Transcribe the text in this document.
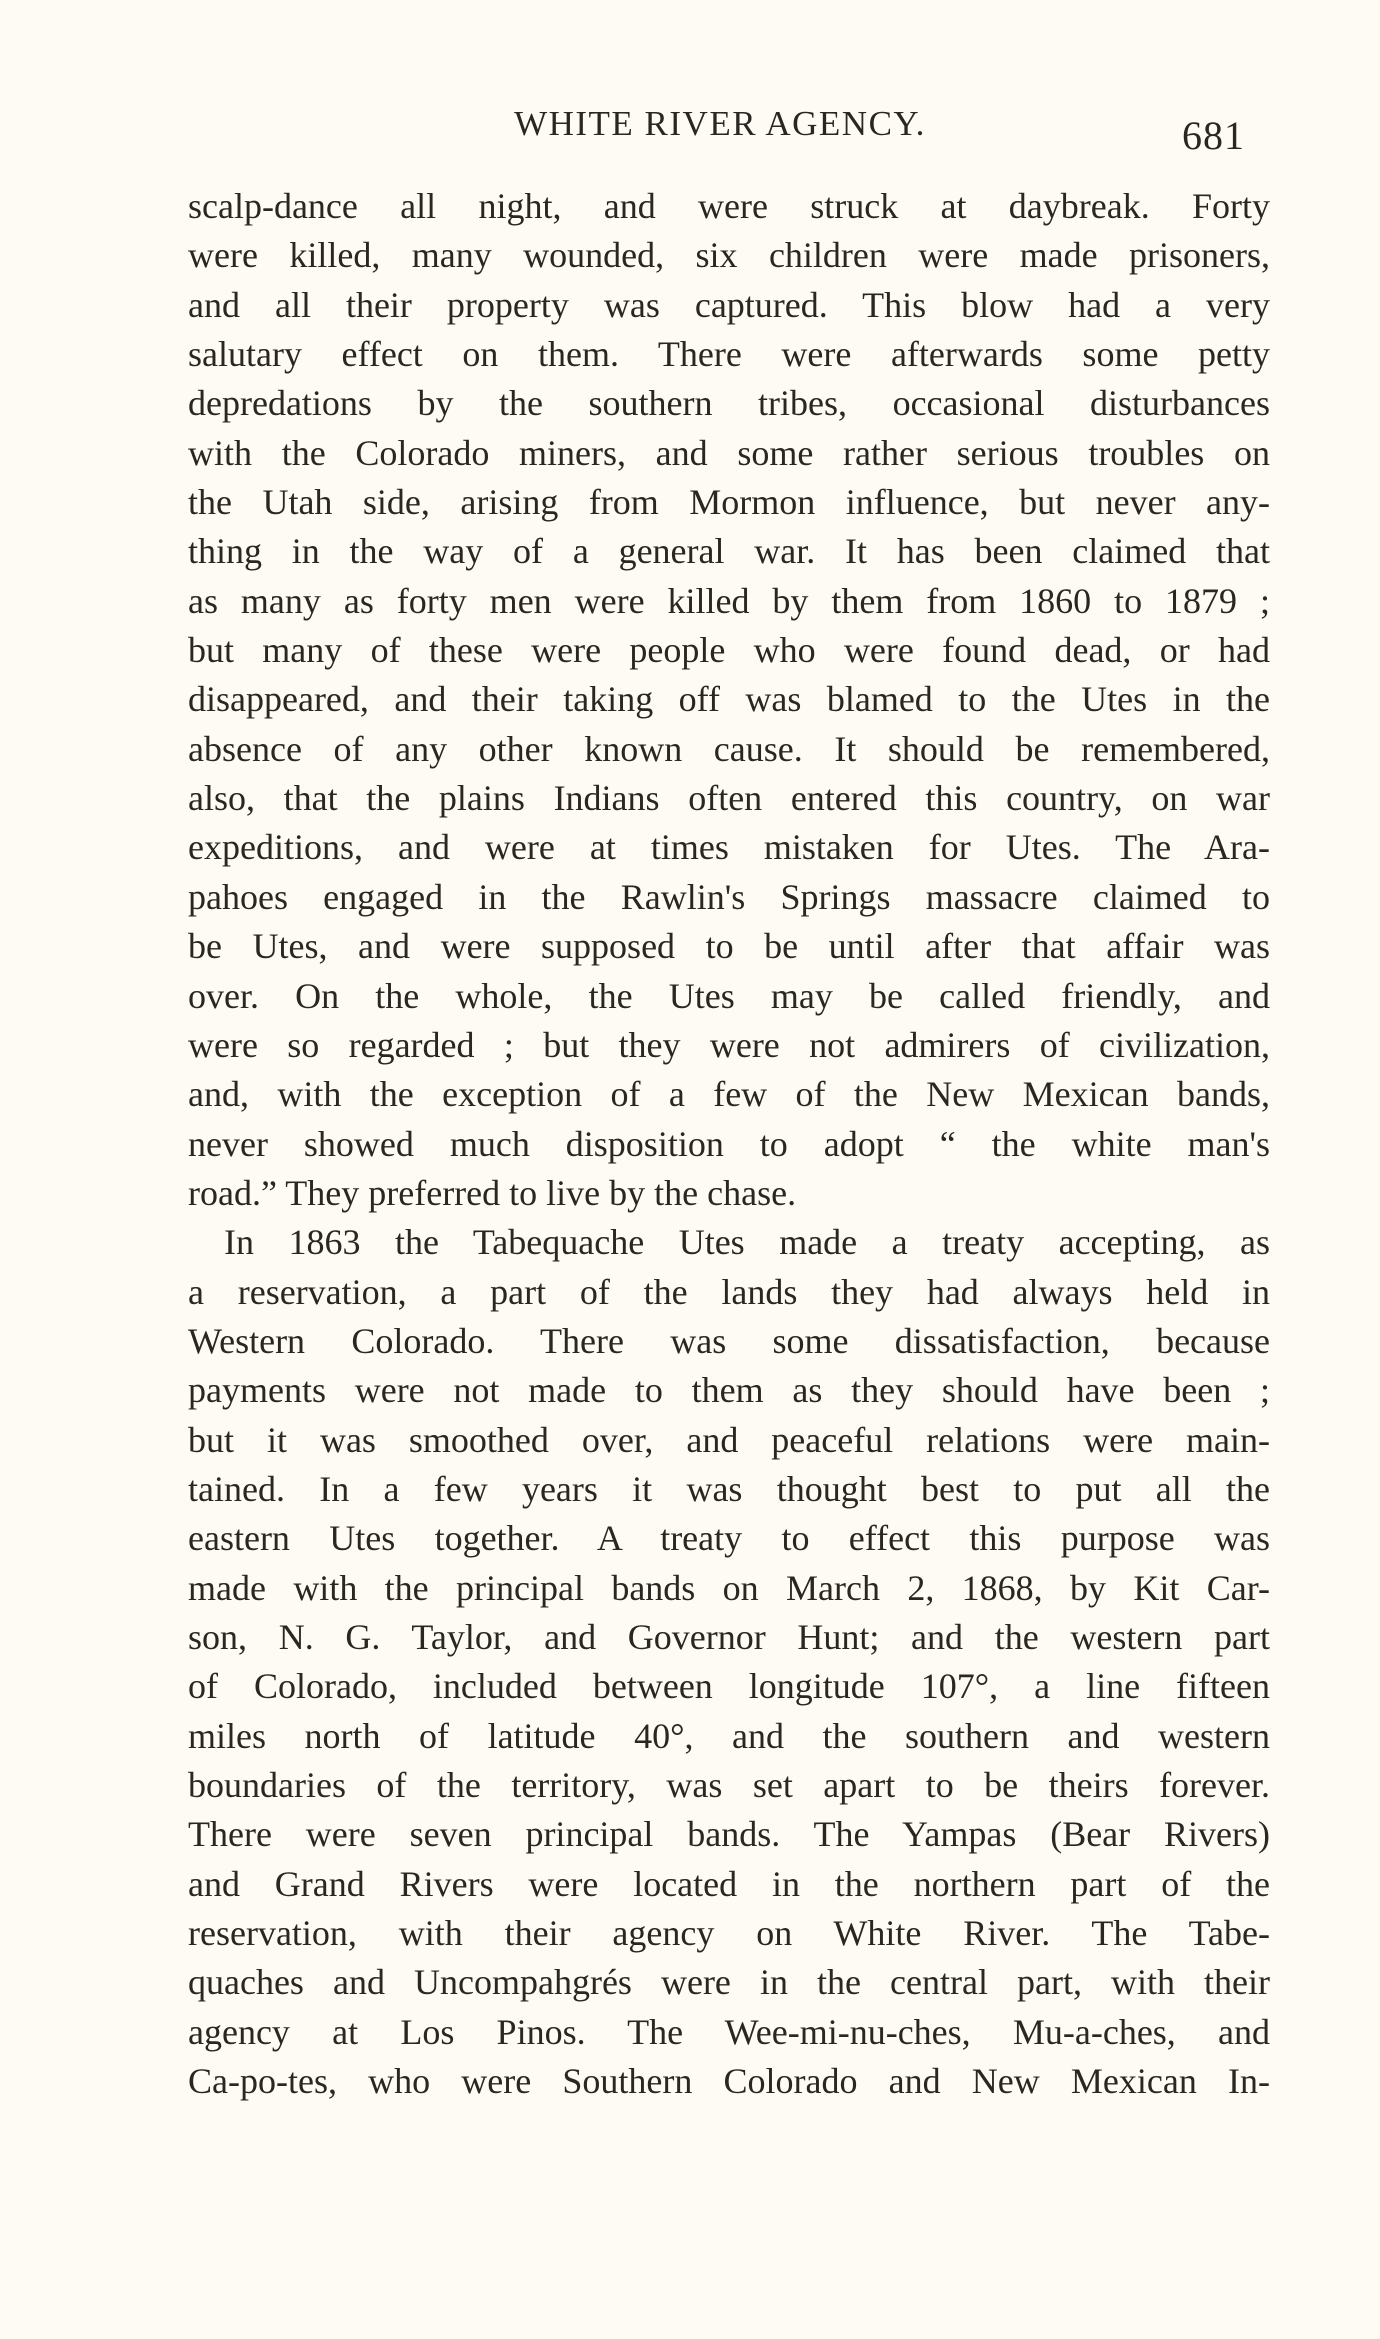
WHITE RIVER AGENCY.	681
scalp-dance all night, and were struck at daybreak. Forty
were killed, many wounded, six children were made prisoners,
and all their property was captured. This blow had a very
salutary effect on them. There were afterwards some petty
depredations by the southern tribes, occasional disturbances
with the Colorado miners, and some rather serious troubles on
the Utah side, arising from Mormon influence, but never any-
thing in the way of a general war. It has been claimed that
as many as forty men were killed by them from 1860 to 1879 ;
but many of these were people who were found dead, or had
disappeared, and their taking off was blamed to the Utes in the
absence of any other known cause. It should be remembered,
also, that the plains Indians often entered this country, on war
expeditions, and were at times mistaken for Utes. The Ara-
pahoes engaged in the Rawlin's Springs massacre claimed to
be Utes, and were supposed to be until after that affair was
over. On the whole, the Utes may be called friendly, and
were so regarded ; but they were not admirers of civilization,
and, with the exception of a few of the New Mexican bands,
never showed much disposition to adopt “ the white man's
road.” They preferred to live by the chase.
In 1863 the Tabequache Utes made a treaty accepting, as
a reservation, a part of the lands they had always held in
Western Colorado. There was some dissatisfaction, because
payments were not made to them as they should have been ;
but it was smoothed over, and peaceful relations were main-
tained. In a few years it was thought best to put all the
eastern Utes together. A treaty to effect this purpose was
made with the principal bands on March 2, 1868, by Kit Car-
son, N. G. Taylor, and Governor Hunt; and the western part
of Colorado, included between longitude 107°, a line fifteen
miles north of latitude 40°, and the southern and western
boundaries of the territory, was set apart to be theirs forever.
There were seven principal bands. The Yampas (Bear Rivers)
and Grand Rivers were located in the northern part of the
reservation, with their agency on White River. The Tabe-
quaches and Uncompahgrés were in the central part, with their
agency at Los Pinos. The Wee-mi-nu-ches, Mu-a-ches, and
Ca-po-tes, who were Southern Colorado and New Mexican In-
